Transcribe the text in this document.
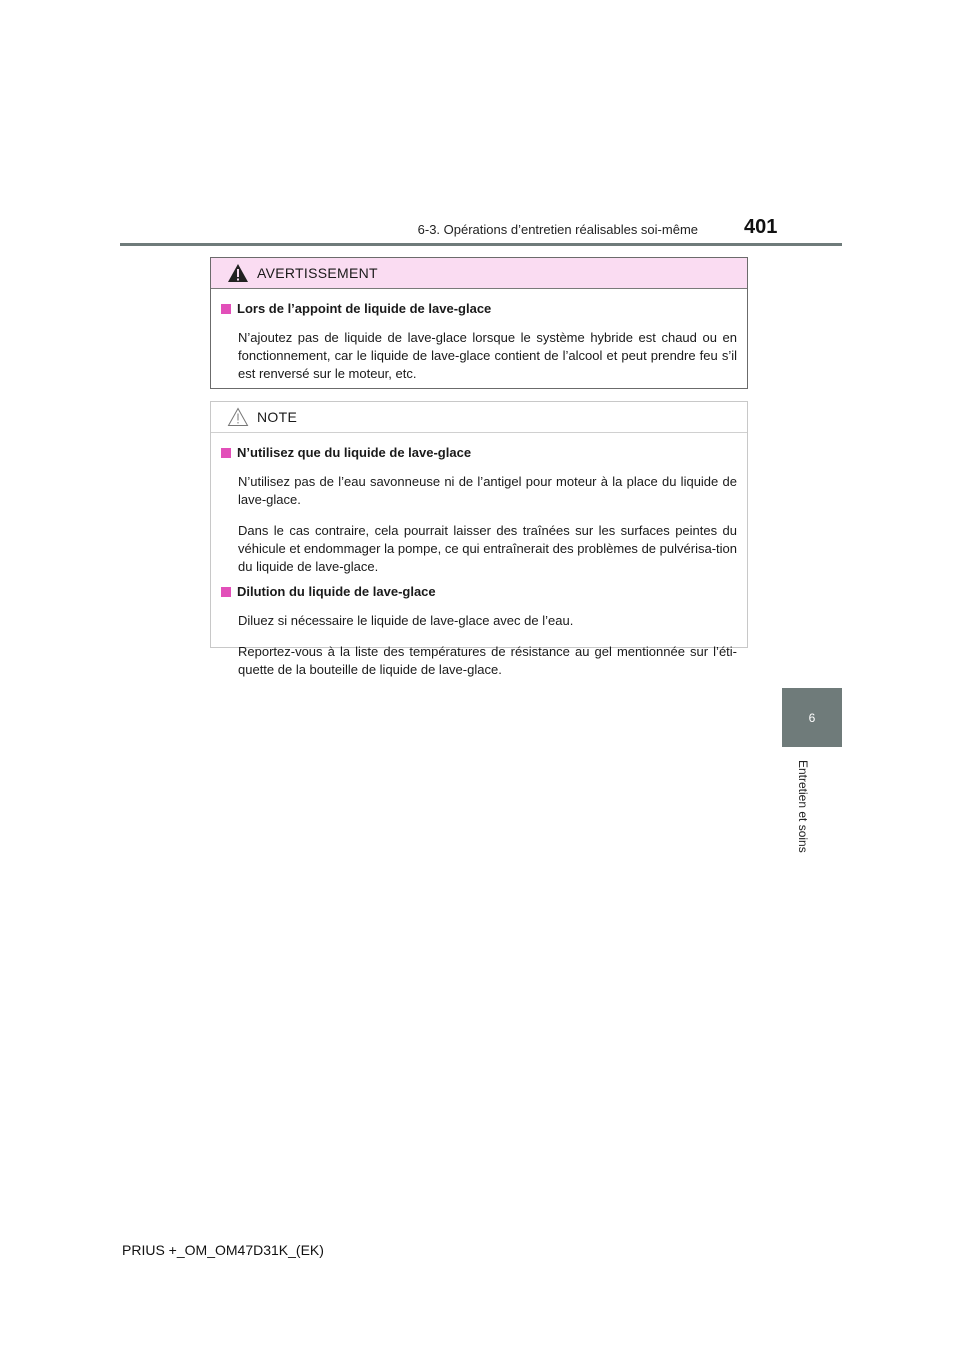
6-3. Opérations d’entretien réalisables soi-même 401
6
Entretien et soins
AVERTISSEMENT
Lors de l’appoint de liquide de lave-glace

N’ajoutez pas de liquide de lave-glace lorsque le système hybride est chaud ou en fonctionnement, car le liquide de lave-glace contient de l’alcool et peut prendre feu s’il est renversé sur le moteur, etc.

NOTE
N’utilisez que du liquide de lave-glace

N’utilisez pas de l’eau savonneuse ni de l’antigel pour moteur à la place du liquide de lave-glace.

Dans le cas contraire, cela pourrait laisser des traînées sur les surfaces peintes du véhicule et endommager la pompe, ce qui entraînerait des problèmes de pulvérisa-tion du liquide de lave-glace.

Dilution du liquide de lave-glace

Diluez si nécessaire le liquide de lave-glace avec de l’eau.

Reportez-vous à la liste des températures de résistance au gel mentionnée sur l’éti-quette de la bouteille de liquide de lave-glace.

PRIUS +_OM_OM47D31K_(EK)
